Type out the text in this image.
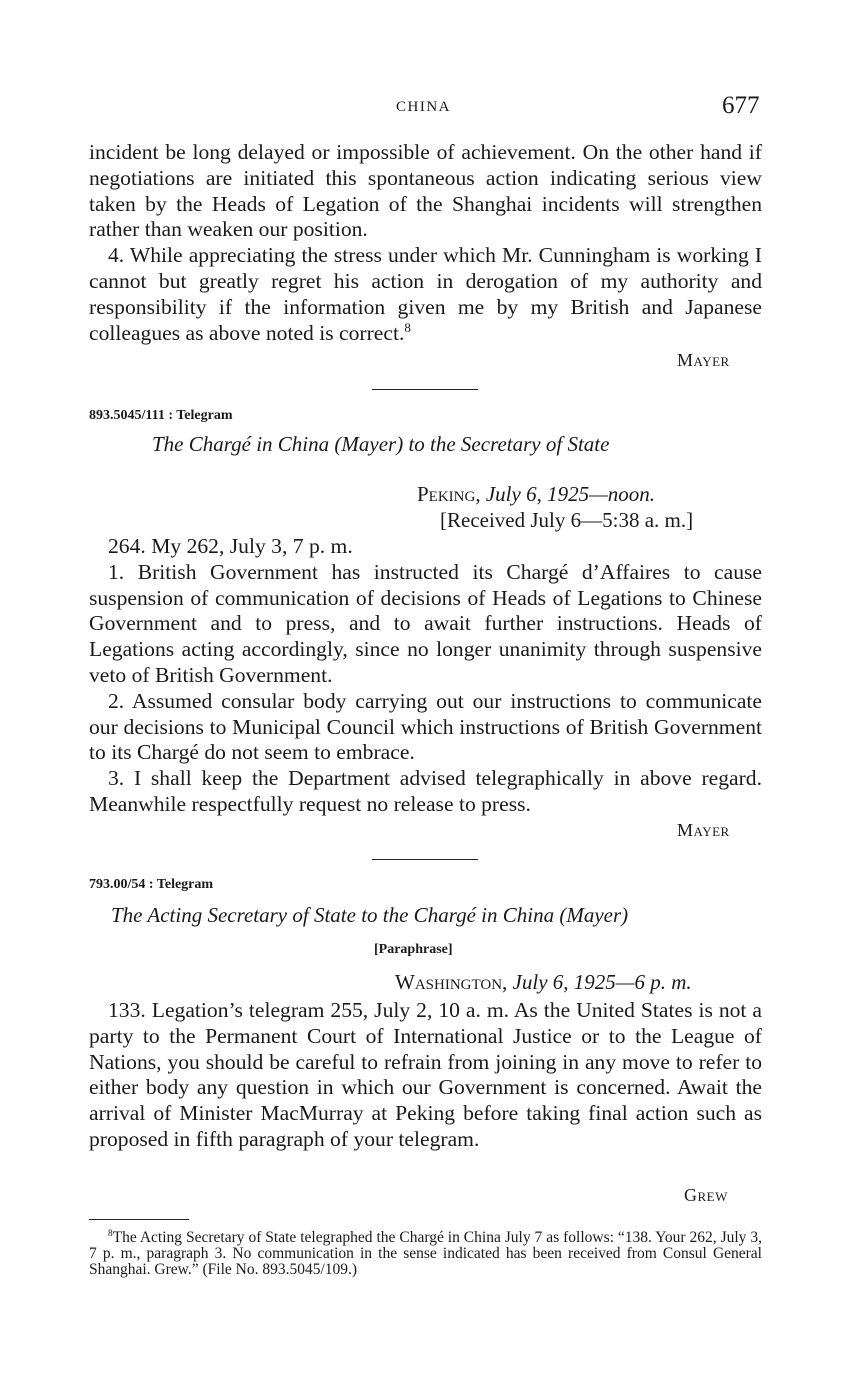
CHINA	677

incident be long delayed or impossible of achievement. On the other hand if negotiations are initiated this spontaneous action indicating serious view taken by the Heads of Legation of the Shanghai incidents will strengthen rather than weaken our position.

4. While appreciating the stress under which Mr. Cunningham is working I cannot but greatly regret his action in derogation of my authority and responsibility if the information given me by my British and Japanese colleagues as above noted is correct.$^8$

Mayer
893.5045/111 : Telegram
The Chargé in China (Mayer) to the Secretary of State
Peking, July 6, 1925—noon.
[Received July 6—5:38 a. m.]

264. My 262, July 3, 7 p. m.

1. British Government has instructed its Chargé d’Affaires to cause suspension of communication of decisions of Heads of Legations to Chinese Government and to press, and to await further instructions. Heads of Legations acting accordingly, since no longer unanimity through suspensive veto of British Government.

2. Assumed consular body carrying out our instructions to communicate our decisions to Municipal Council which instructions of British Government to its Chargé do not seem to embrace.

3. I shall keep the Department advised telegraphically in above regard. Meanwhile respectfully request no release to press.

Mayer
793.00/54 : Telegram
The Acting Secretary of State to the Chargé in China (Mayer)
[Paraphrase]
Washington, July 6, 1925—6 p. m.

133. Legation’s telegram 255, July 2, 10 a. m. As the United States is not a party to the Permanent Court of International Justice or to the League of Nations, you should be careful to refrain from joining in any move to refer to either body any question in which our Government is concerned. Await the arrival of Minister MacMurray at Peking before taking final action such as proposed in fifth paragraph of your telegram.

Grew

$^8$The Acting Secretary of State telegraphed the Chargé in China July 7 as follows: “138. Your 262, July 3, 7 p. m., paragraph 3. No communication in the sense indicated has been received from Consul General Shanghai. Grew.” (File No. 893.5045/109.)
